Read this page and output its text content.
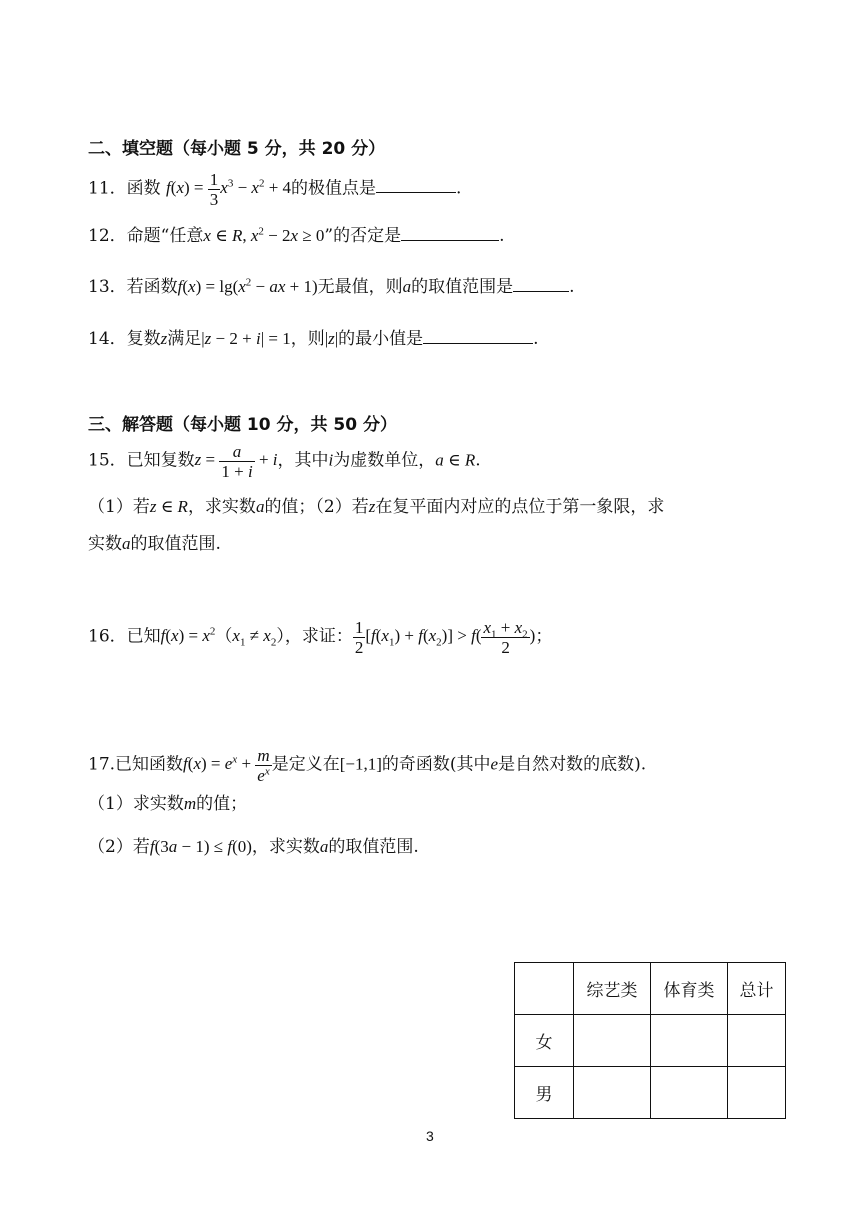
二、填空题（每小题 5 分，共 20 分）
11．函数 $f(x) = \frac{1}{3} x^3 - x^2 + 4$的极值点是	.
12．命题“任意x ∈ R, $x^2 - 2x \ge 0$”的否定是	.
13．若函数$f(x) = \lg(x^2$ − ax + 1)无最值，则a的取值范围是	.
14．复数z满足|z − 2 + i| = 1，则|z|的最小值是	.
三、解答题（每小题 10 分，共 50 分）
15．已知复数$z = \frac{a}{1 + i} + i$，其中i为虚数单位，a ∈ R.
（1）若z ∈ R，求实数a的值；（2）若z在复平面内对应的点位于第一象限，求
实数a的取值范围.
16．已知$f(x) = x^2(x_1 \ne x_2)$，求证： $\frac{1}{2} [f(x_1) + f(x_2)] > f( \frac{x_1 + x_2}{2}$ )；
17.已知函数$f(x) = e^x + \frac{m}{e^x}$ 是定义在[−1,1]的奇函数(其中e是自然对数的底数).
（1）求实数m的值；
（2）若f(3a − 1) ≤ f(0)，求实数a的取值范围.
	综艺类	体育类	总计
女			
男			
3
